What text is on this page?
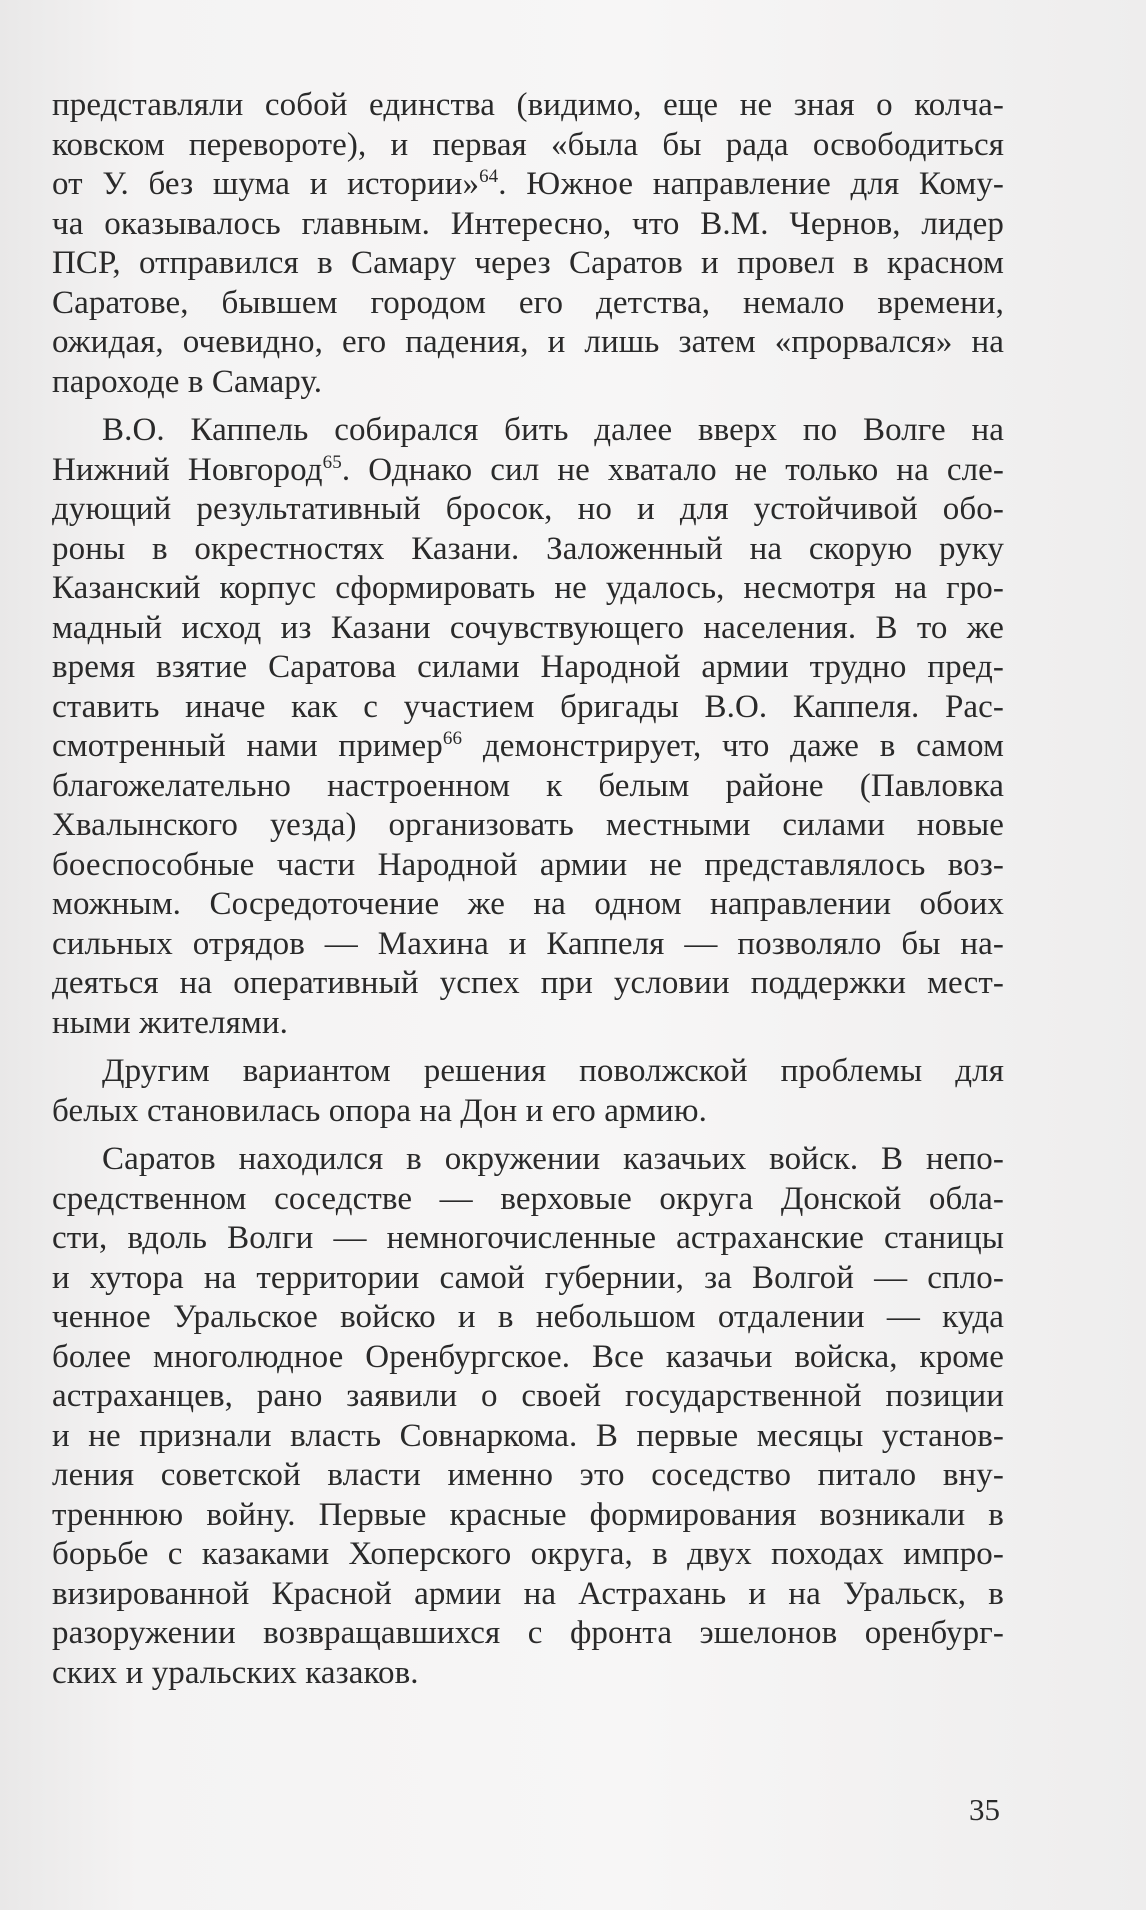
представляли собой единства (видимо, еще не зная о колча-
ковском перевороте), и первая «была бы рада освободиться
от У. без шума и истории»$^{64}$. Южное направление для Кому-
ча оказывалось главным. Интересно, что В.М. Чернов, лидер
ПСР, отправился в Самару через Саратов и провел в красном
Саратове, бывшем городом его детства, немало времени,
ожидая, очевидно, его падения, и лишь затем «прорвался» на
пароходе в Самару.

В.О. Каппель собирался бить далее вверх по Волге на
Нижний Новгород$^{65}$. Однако сил не хватало не только на сле-
дующий результативный бросок, но и для устойчивой обо-
роны в окрестностях Казани. Заложенный на скорую руку
Казанский корпус сформировать не удалось, несмотря на гро-
мадный исход из Казани сочувствующего населения. В то же
время взятие Саратова силами Народной армии трудно пред-
ставить иначе как с участием бригады В.О. Каппеля. Рас-
смотренный нами пример$^{66}$ демонстрирует, что даже в самом
благожелательно настроенном к белым районе (Павловка
Хвалынского уезда) организовать местными силами новые
боеспособные части Народной армии не представлялось воз-
можным. Сосредоточение же на одном направлении обоих
сильных отрядов — Махина и Каппеля — позволяло бы на-
деяться на оперативный успех при условии поддержки мест-
ными жителями.

Другим вариантом решения поволжской проблемы для
белых становилась опора на Дон и его армию.

Саратов находился в окружении казачьих войск. В непо-
средственном соседстве — верховые округа Донской обла-
сти, вдоль Волги — немногочисленные астраханские станицы
и хутора на территории самой губернии, за Волгой — спло-
ченное Уральское войско и в небольшом отдалении — куда
более многолюдное Оренбургское. Все казачьи войска, кроме
астраханцев, рано заявили о своей государственной позиции
и не признали власть Совнаркома. В первые месяцы установ-
ления советской власти именно это соседство питало вну-
треннюю войну. Первые красные формирования возникали в
борьбе с казаками Хоперского округа, в двух походах импро-
визированной Красной армии на Астрахань и на Уральск, в
разоружении возвращавшихся с фронта эшелонов оренбург-
ских и уральских казаков.

35
